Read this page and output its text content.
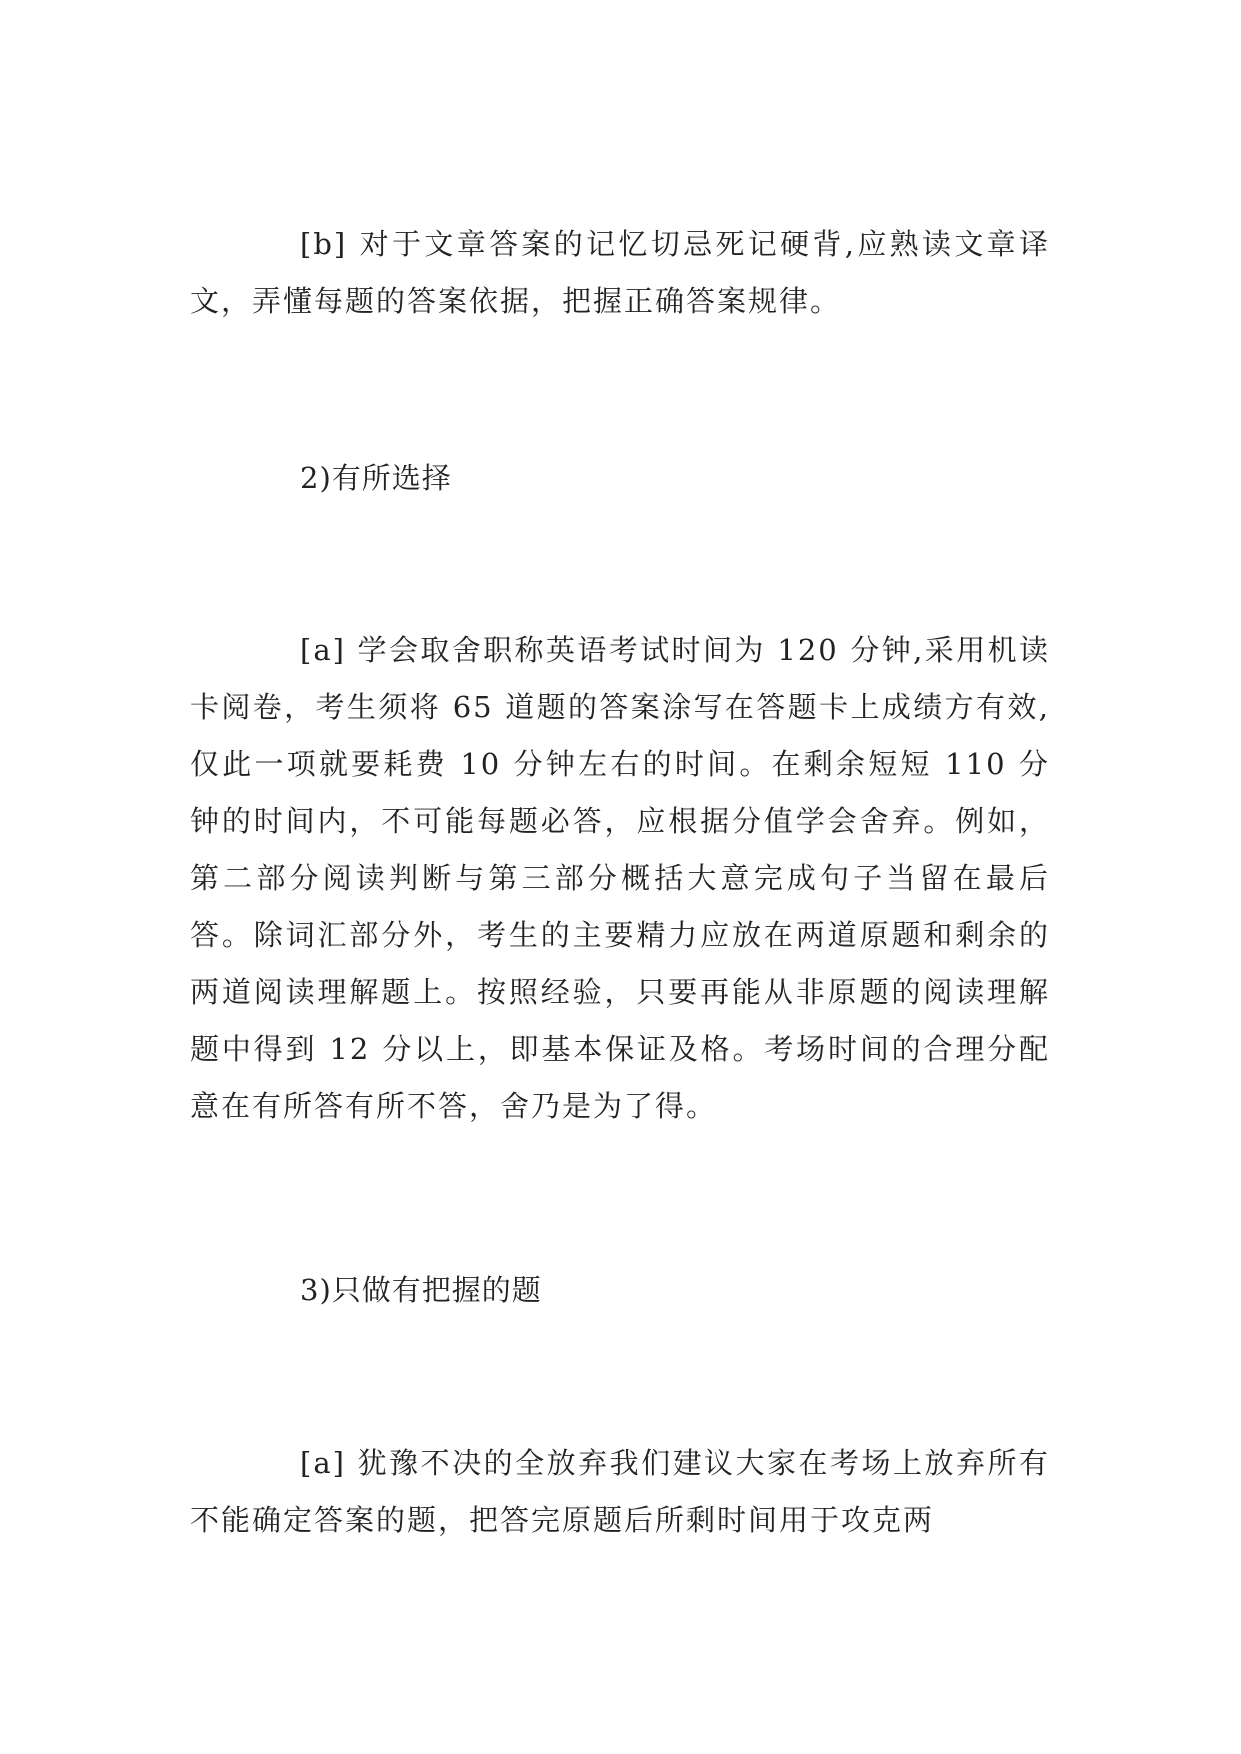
[b] 对于文章答案的记忆切忌死记硬背,应熟读文章译文，弄懂每题的答案依据，把握正确答案规律。

2)有所选择

[a] 学会取舍职称英语考试时间为 120 分钟,采用机读卡阅卷，考生须将 65 道题的答案涂写在答题卡上成绩方有效,仅此一项就要耗费 10 分钟左右的时间。在剩余短短 110 分钟的时间内，不可能每题必答，应根据分值学会舍弃。例如，第二部分阅读判断与第三部分概括大意完成句子当留在最后答。除词汇部分外，考生的主要精力应放在两道原题和剩余的两道阅读理解题上。按照经验，只要再能从非原题的阅读理解题中得到 12 分以上，即基本保证及格。考场时间的合理分配意在有所答有所不答，舍乃是为了得。

3)只做有把握的题

[a] 犹豫不决的全放弃我们建议大家在考场上放弃所有不能确定答案的题，把答完原题后所剩时间用于攻克两
